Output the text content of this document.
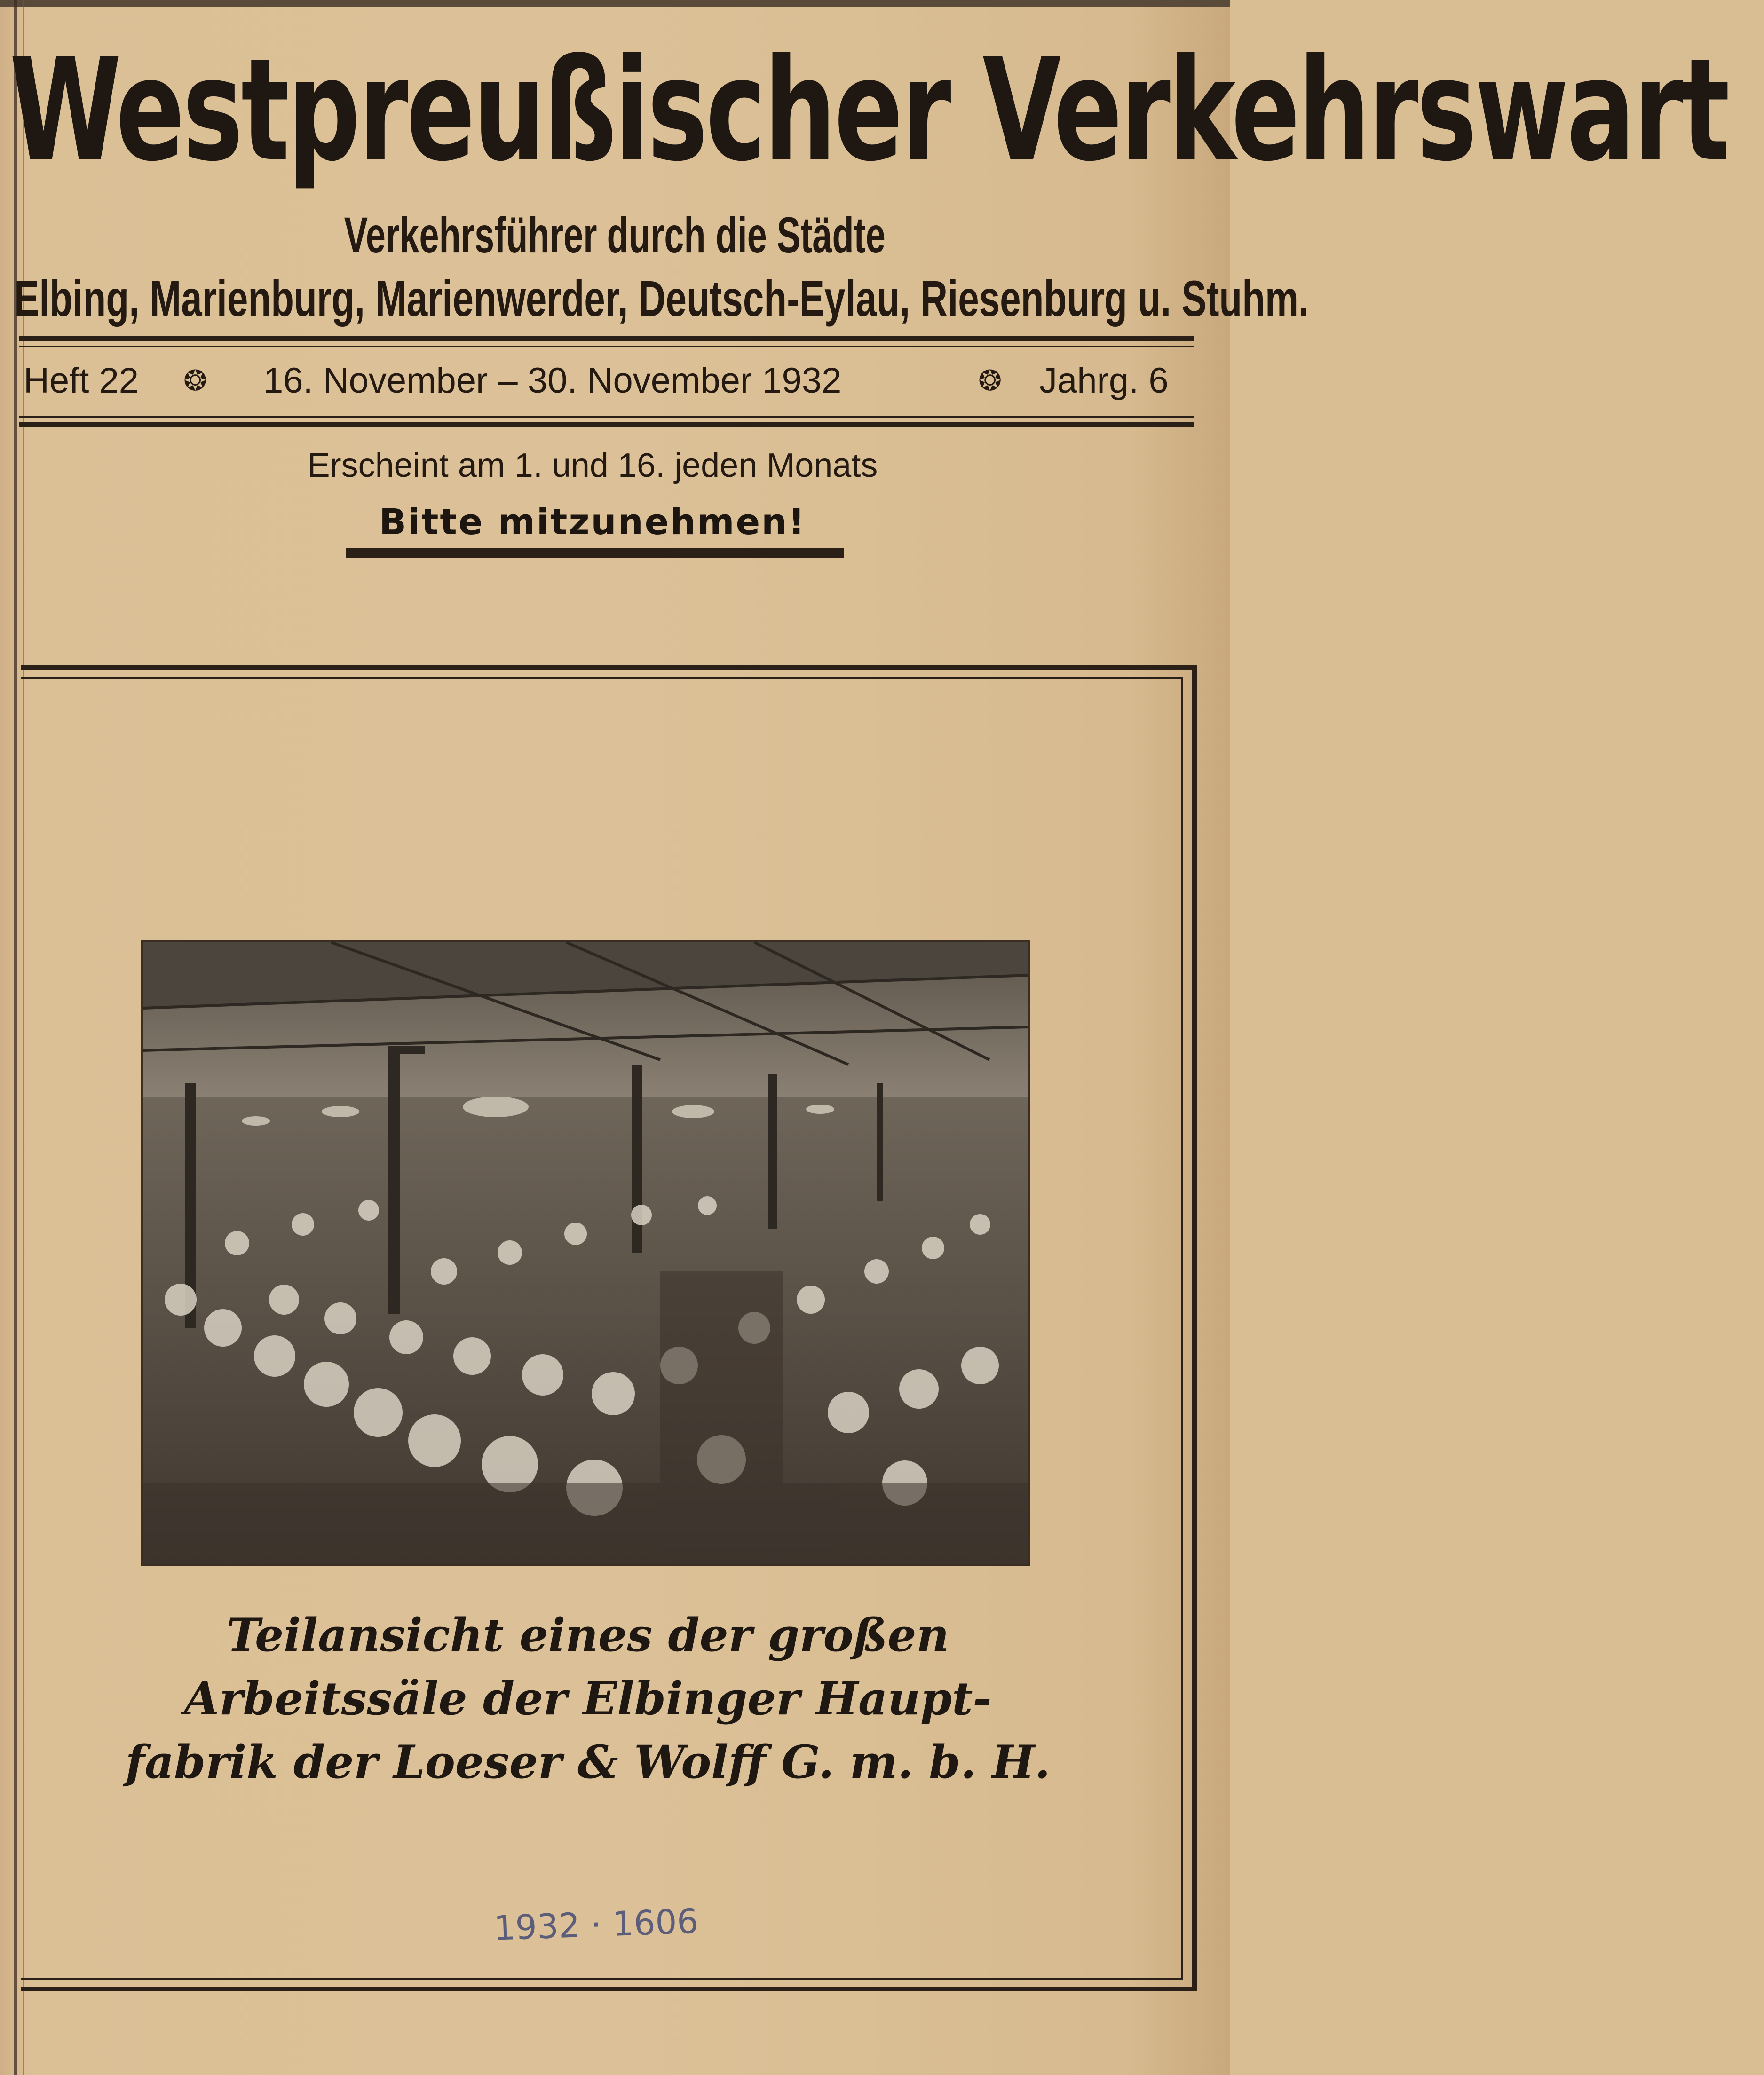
Westpreußischer Verkehrswart
Verkehrsführer durch die Städte
Elbing, Marienburg, Marienwerder, Deutsch-Eylau, Riesenburg u. Stuhm.
Heft 22 ❂ 16. November – 30. November 1932	❂ Jahrg. 6
Erscheint am 1. und 16. jeden Monats
Bitte mitzunehmen!
Teilansicht eines der großen
Arbeitssäle der Elbinger Haupt-
fabrik der Loeser & Wolff G. m. b. H.
1932 · 1606
